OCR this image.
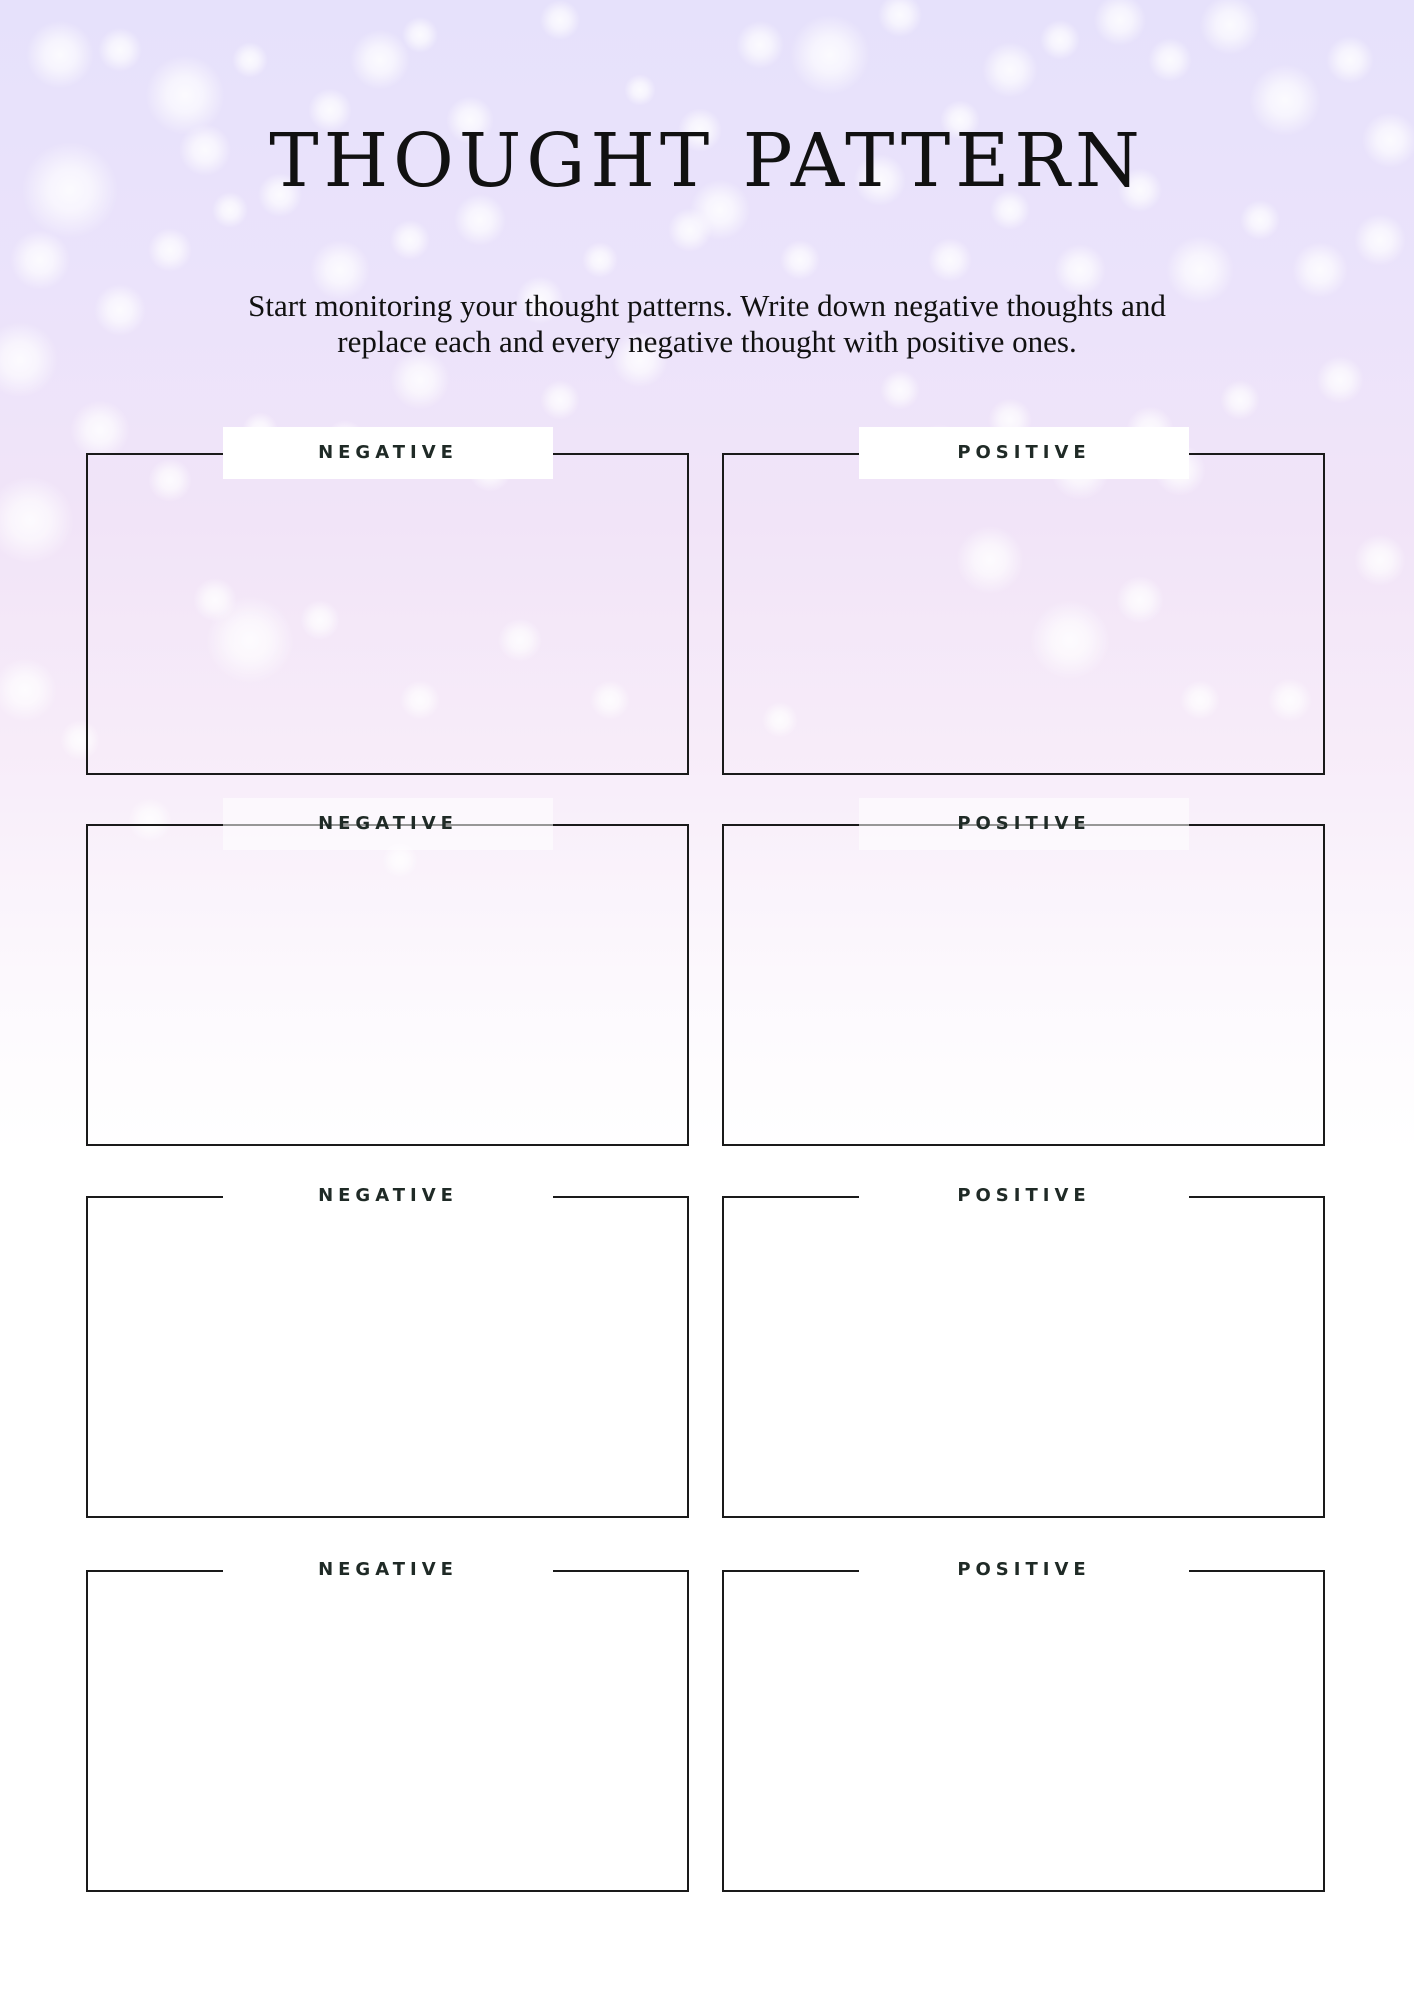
THOUGHT PATTERN
Start monitoring your thought patterns. Write down negative thoughts and
replace each and every negative thought with positive ones.
NEGATIVE	POSITIVE
NEGATIVE	POSITIVE
NEGATIVE	POSITIVE
NEGATIVE	POSITIVE
